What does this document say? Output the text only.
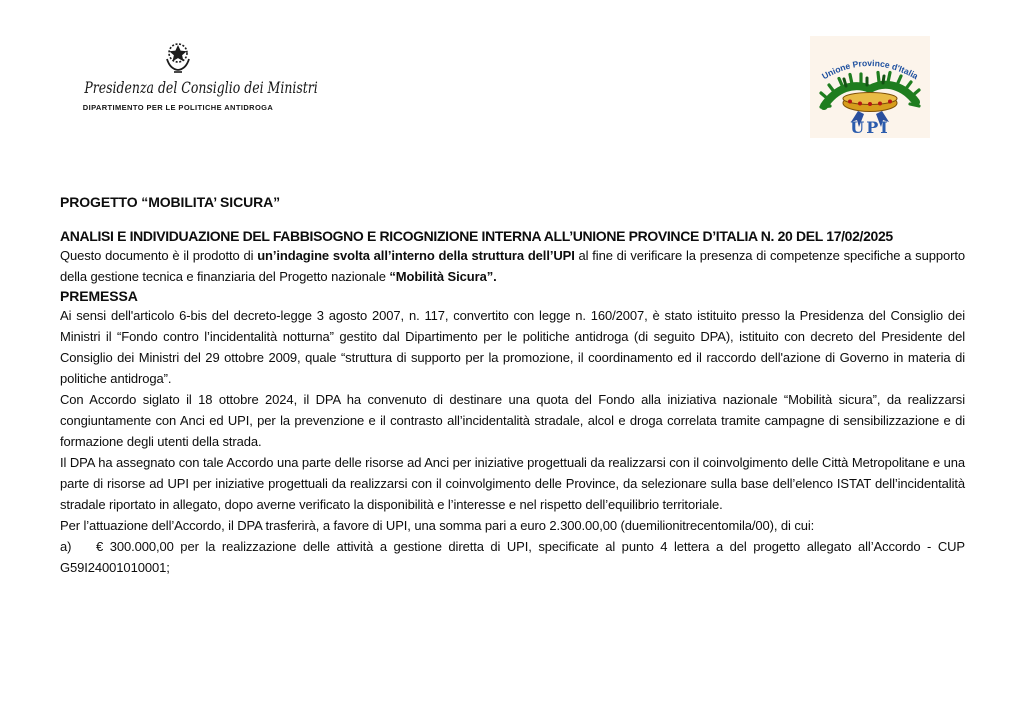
Presidenza del Consiglio dei Ministri
DIPARTIMENTO PER LE POLITICHE ANTIDROGA
Unione Province d'Italia
UPI
PROGETTO “MOBILITA’ SICURA”
ANALISI E INDIVIDUAZIONE DEL FABBISOGNO E RICOGNIZIONE INTERNA ALL’UNIONE PROVINCE D’ITALIA N. 20 DEL 17/02/2025

Questo documento è il prodotto di un’indagine svolta all’interno della struttura dell’UPI al fine di verificare la presenza di competenze specifiche a supporto della gestione tecnica e finanziaria del Progetto nazionale “Mobilità Sicura”.

PREMESSA

Ai sensi dell'articolo 6-bis del decreto-legge 3 agosto 2007, n. 117, convertito con legge n. 160/2007, è stato istituito presso la Presidenza del Consiglio dei Ministri il “Fondo contro l’incidentalità notturna” gestito dal Dipartimento per le politiche antidroga (di seguito DPA), istituito con decreto del Presidente del Consiglio dei Ministri del 29 ottobre 2009, quale “struttura di supporto per la promozione, il coordinamento ed il raccordo dell'azione di Governo in materia di politiche antidroga”.

Con Accordo siglato il 18 ottobre 2024, il DPA ha convenuto di destinare una quota del Fondo alla iniziativa nazionale “Mobilità sicura”, da realizzarsi congiuntamente con Anci ed UPI, per la prevenzione e il contrasto all’incidentalità stradale, alcol e droga correlata tramite campagne di sensibilizzazione e di formazione degli utenti della strada.

Il DPA ha assegnato con tale Accordo una parte delle risorse ad Anci per iniziative progettuali da realizzarsi con il coinvolgimento delle Città Metropolitane e una parte di risorse ad UPI per iniziative progettuali da realizzarsi con il coinvolgimento delle Province, da selezionare sulla base dell’elenco ISTAT dell’incidentalità stradale riportato in allegato, dopo averne verificato la disponibilità e l’interesse e nel rispetto dell’equilibrio territoriale.

Per l’attuazione dell’Accordo, il DPA trasferirà, a favore di UPI, una somma pari a euro 2.300.00,00 (duemilionitrecentomila/00), di cui:

a) € 300.000,00 per la realizzazione delle attività a gestione diretta di UPI, specificate al punto 4 lettera a del progetto allegato all’Accordo - CUP G59I24001010001;
